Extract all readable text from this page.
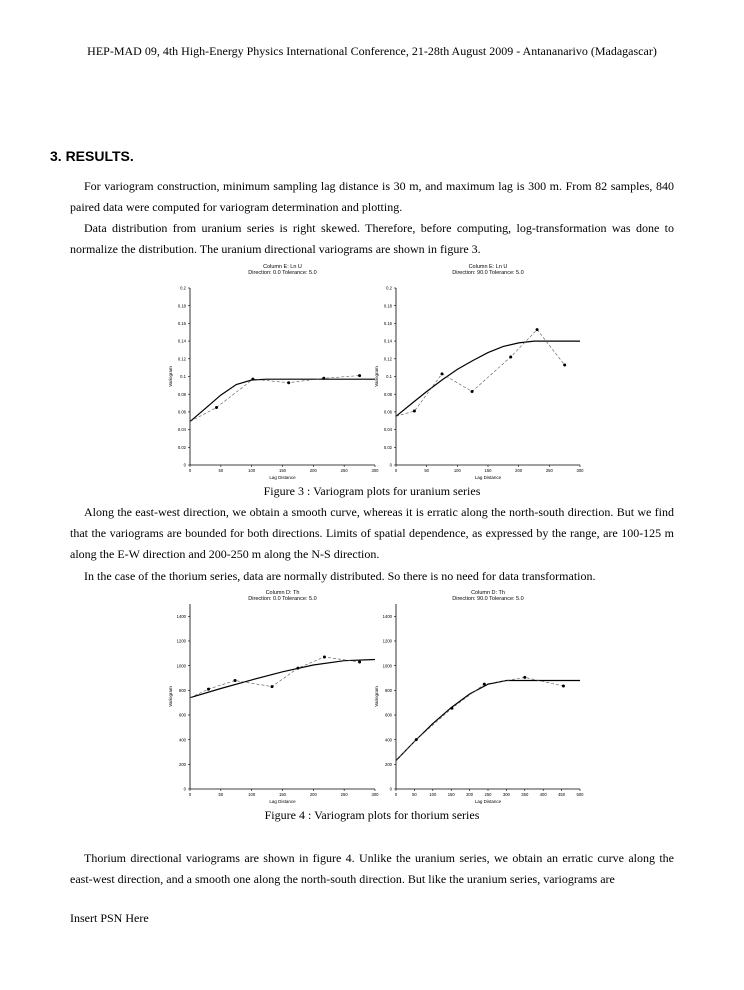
HEP-MAD 09, 4th High-Energy Physics International Conference, 21-28th August 2009 - Antananarivo (Madagascar)
3. RESULTS.
For variogram construction, minimum sampling lag distance is 30 m, and maximum lag is 300 m. From 82 samples, 840 paired data were computed for variogram determination and plotting.
Data distribution from uranium series is right skewed. Therefore, before computing, log-transformation was done to normalize the distribution. The uranium directional variograms are shown in figure 3.
Column E: Ln U
Direction: 0.0 Tolerance: 5.0
0
0.02
0.04
0.06
0.08
0.1
0.12
0.14
0.16
0.18
0.2
0	50	100	150	200	250	300
Lag Distance
Variogram
Column E: Ln U
Direction: 90.0 Tolerance: 5.0
0
0.02
0.04
0.06
0.08
0.1
0.12
0.14
0.16
0.18
0.2
0	50	100	150	200	250	300
Lag Distance
Variogram
Figure 3 : Variogram plots for uranium series
Along the east-west direction, we obtain a smooth curve, whereas it is erratic along the north-south direction. But we find that the variograms are bounded for both directions. Limits of spatial dependence, as expressed by the range, are 100-125 m along the E-W direction and 200-250 m along the N-S direction.
In the case of the thorium series, data are normally distributed. So there is no need for data transformation.
Column D: Th
Direction: 0.0 Tolerance: 5.0
0
200
400
600
800
1000
1200
1400
0	50	100	150	200	250	300
Lag Distance
Variogram
Column D: Th
Direction: 90.0 Tolerance: 5.0
0
200
400
600
800
1000
1200
1400
0	50	100	150	200	250	300	350	400	450	500
Lag Distance
Variogram
Figure 4 : Variogram plots for thorium series
Thorium directional variograms are shown in figure 4. Unlike the uranium series, we obtain an erratic curve along the east-west direction, and a smooth one along the north-south direction. But like the uranium series, variograms are
Insert PSN Here
